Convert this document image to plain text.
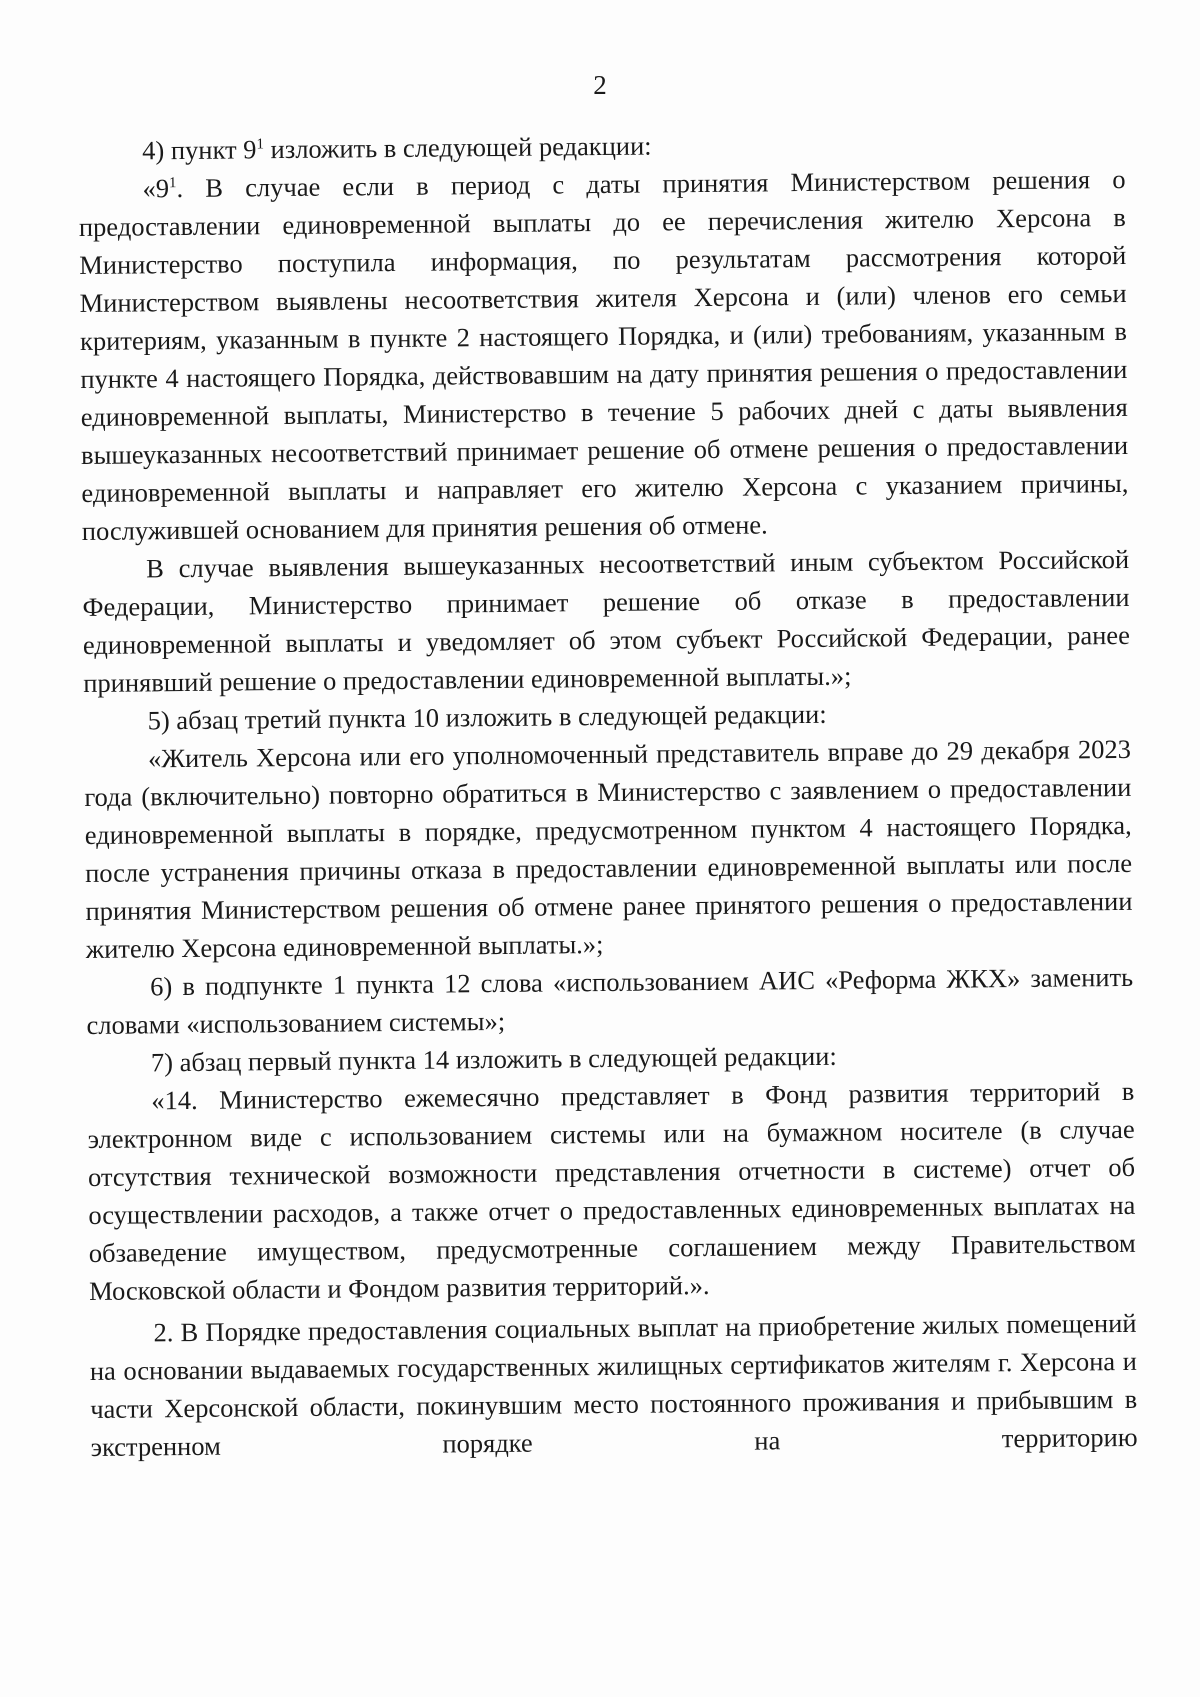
2

4) пункт $9^1$ изложить в следующей редакции:

«$9^1$. В случае если в период с даты принятия Министерством решения о предоставлении единовременной выплаты до ее перечисления жителю Херсона в Министерство поступила информация, по результатам рассмотрения которой Министерством выявлены несоответствия жителя Херсона и (или) членов его семьи критериям, указанным в пункте 2 настоящего Порядка, и (или) требованиям, указанным в пункте 4 настоящего Порядка, действовавшим на дату принятия решения о предоставлении единовременной выплаты, Министерство в течение 5 рабочих дней с даты выявления вышеуказанных несоответствий принимает решение об отмене решения о предоставлении единовременной выплаты и направляет его жителю Херсона с указанием причины, послужившей основанием для принятия решения об отмене.

В случае выявления вышеуказанных несоответствий иным субъектом Российской Федерации, Министерство принимает решение об отказе в предоставлении единовременной выплаты и уведомляет об этом субъект Российской Федерации, ранее принявший решение о предоставлении единовременной выплаты.»;

5) абзац третий пункта 10 изложить в следующей редакции:

«Житель Херсона или его уполномоченный представитель вправе до 29 декабря 2023 года (включительно) повторно обратиться в Министерство с заявлением о предоставлении единовременной выплаты в порядке, предусмотренном пунктом 4 настоящего Порядка, после устранения причины отказа в предоставлении единовременной выплаты или после принятия Министерством решения об отмене ранее принятого решения о предоставлении жителю Херсона единовременной выплаты.»;

6) в подпункте 1 пункта 12 слова «использованием АИС «Реформа ЖКХ» заменить словами «использованием системы»;

7) абзац первый пункта 14 изложить в следующей редакции:

«14. Министерство ежемесячно представляет в Фонд развития территорий в электронном виде с использованием системы или на бумажном носителе (в случае отсутствия технической возможности представления отчетности в системе) отчет об осуществлении расходов, а также отчет о предоставленных единовременных выплатах на обзаведение имуществом, предусмотренные соглашением между Правительством Московской области и Фондом развития территорий.».

2. В Порядке предоставления социальных выплат на приобретение жилых помещений на основании выдаваемых государственных жилищных сертификатов жителям г. Херсона и части Херсонской области, покинувшим место постоянного проживания и прибывшим в экстренном порядке на территорию
